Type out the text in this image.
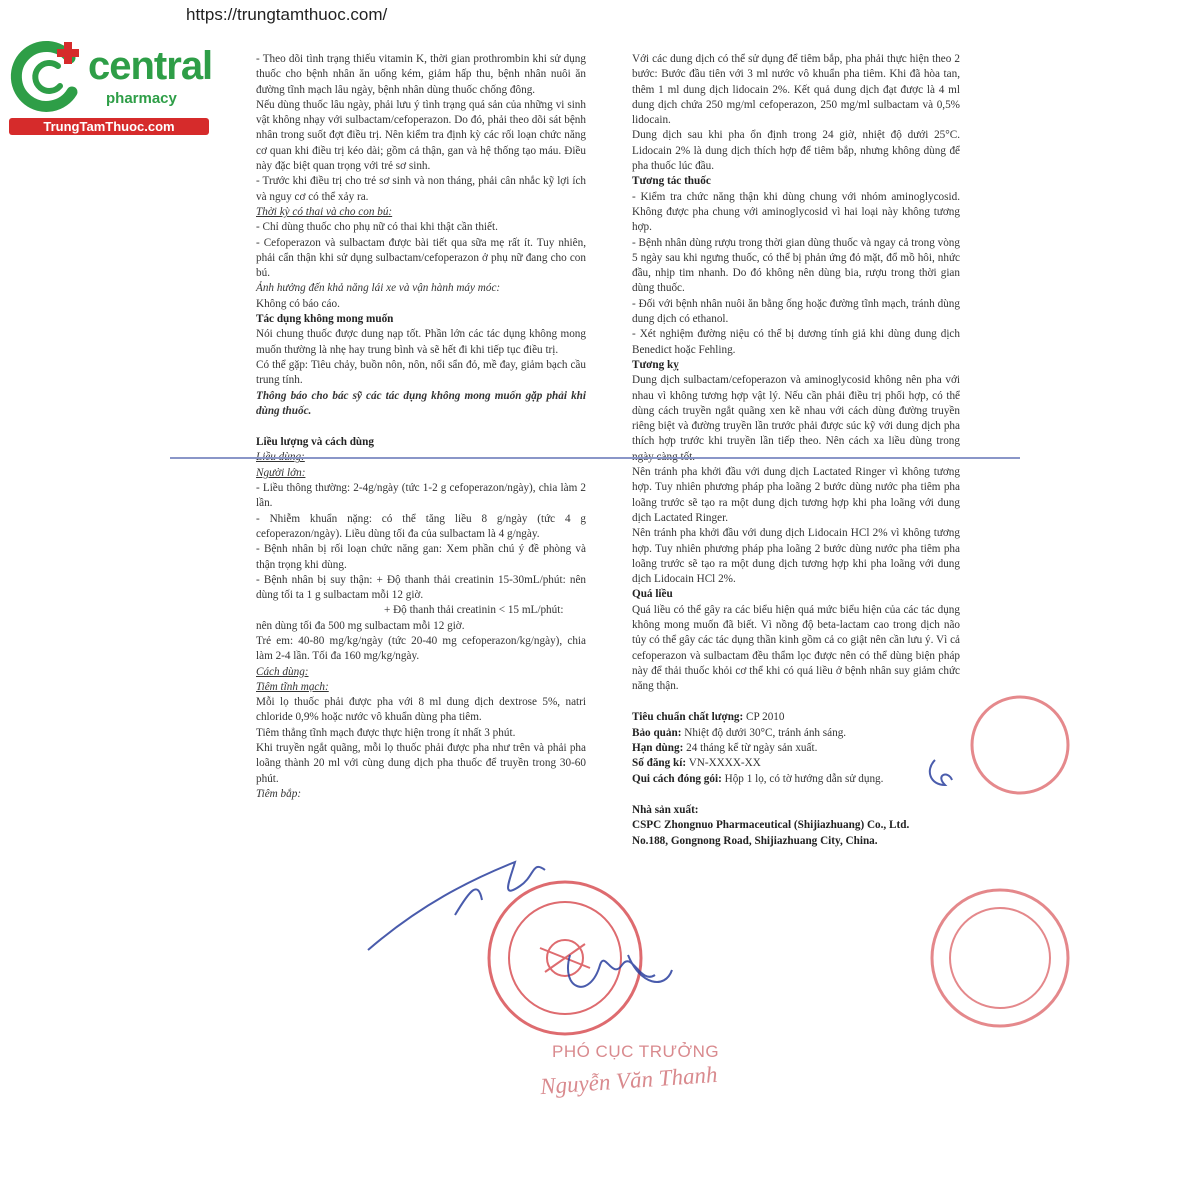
https://trungtamthuoc.com/
central
pharmacy
TrungTamThuoc.com

- Theo dõi tình trạng thiếu vitamin K, thời gian prothrombin khi sử dụng thuốc cho bệnh nhân ăn uống kém, giảm hấp thu, bệnh nhân nuôi ăn đường tĩnh mạch lâu ngày, bệnh nhân dùng thuốc chống đông.

Nếu dùng thuốc lâu ngày, phải lưu ý tình trạng quá sản của những vi sinh vật không nhạy với sulbactam/cefoperazon. Do đó, phải theo dõi sát bệnh nhân trong suốt đợt điều trị. Nên kiểm tra định kỳ các rối loạn chức năng cơ quan khi điều trị kéo dài; gồm cả thận, gan và hệ thống tạo máu. Điều này đặc biệt quan trọng với trẻ sơ sinh.

- Trước khi điều trị cho trẻ sơ sinh và non tháng, phải cân nhắc kỹ lợi ích và nguy cơ có thể xảy ra.

Thời kỳ có thai và cho con bú:

- Chỉ dùng thuốc cho phụ nữ có thai khi thật cần thiết.

- Cefoperazon và sulbactam được bài tiết qua sữa mẹ rất ít. Tuy nhiên, phải cẩn thận khi sử dụng sulbactam/cefoperazon ở phụ nữ đang cho con bú.

Ảnh hưởng đến khả năng lái xe và vận hành máy móc:

Không có báo cáo.

Tác dụng không mong muốn

Nói chung thuốc được dung nạp tốt. Phần lớn các tác dụng không mong muốn thường là nhẹ hay trung bình và sẽ hết đi khi tiếp tục điều trị.

Có thể gặp: Tiêu chảy, buồn nôn, nôn, nổi sẩn đỏ, mề đay, giảm bạch cầu trung tính.

Thông báo cho bác sỹ các tác dụng không mong muốn gặp phải khi dùng thuốc.

Liều lượng và cách dùng

Liều dùng:

Người lớn:

- Liều thông thường: 2-4g/ngày (tức 1-2 g cefoperazon/ngày), chia làm 2 lần.

- Nhiễm khuẩn nặng: có thể tăng liều 8 g/ngày (tức 4 g cefoperazon/ngày). Liều dùng tối đa của sulbactam là 4 g/ngày.

- Bệnh nhân bị rối loạn chức năng gan: Xem phần chú ý đề phòng và thận trọng khi dùng.

- Bệnh nhân bị suy thận: + Độ thanh thải creatinin 15-30mL/phút: nên dùng tối ta 1 g sulbactam mỗi 12 giờ.

+ Độ thanh thải creatinin < 15 mL/phút:

nên dùng tối đa 500 mg sulbactam mỗi 12 giờ.

Trẻ em: 40-80 mg/kg/ngày (tức 20-40 mg cefoperazon/kg/ngày), chia làm 2-4 lần. Tối đa 160 mg/kg/ngày.

Cách dùng:

Tiêm tĩnh mạch:

Mỗi lọ thuốc phải được pha với 8 ml dung dịch dextrose 5%, natri chloride 0,9% hoặc nước vô khuẩn dùng pha tiêm.

Tiêm thẳng tĩnh mạch được thực hiện trong ít nhất 3 phút.

Khi truyền ngắt quãng, mỗi lọ thuốc phải được pha như trên và phải pha loãng thành 20 ml với cùng dung dịch pha thuốc để truyền trong 30-60 phút.

Tiêm bắp:

Với các dung dịch có thể sử dụng để tiêm bắp, pha phải thực hiện theo 2 bước: Bước đầu tiên với 3 ml nước vô khuẩn pha tiêm. Khi đã hòa tan, thêm 1 ml dung dịch lidocain 2%. Kết quả dung dịch đạt được là 4 ml dung dịch chứa 250 mg/ml cefoperazon, 250 mg/ml sulbactam và 0,5% lidocain.

Dung dịch sau khi pha ổn định trong 24 giờ, nhiệt độ dưới 25°C. Lidocain 2% là dung dịch thích hợp để tiêm bắp, nhưng không dùng để pha thuốc lúc đầu.

Tương tác thuốc

- Kiểm tra chức năng thận khi dùng chung với nhóm aminoglycosid. Không được pha chung với aminoglycosid vì hai loại này không tương hợp.

- Bệnh nhân dùng rượu trong thời gian dùng thuốc và ngay cả trong vòng 5 ngày sau khi ngưng thuốc, có thể bị phản ứng đỏ mặt, đổ mồ hôi, nhức đầu, nhịp tim nhanh. Do đó không nên dùng bia, rượu trong thời gian dùng thuốc.

- Đối với bệnh nhân nuôi ăn bằng ống hoặc đường tĩnh mạch, tránh dùng dung dịch có ethanol.

- Xét nghiệm đường niệu có thể bị dương tính giả khi dùng dung dịch Benedict hoặc Fehling.

Tương kỵ

Dung dịch sulbactam/cefoperazon và aminoglycosid không nên pha với nhau vì không tương hợp vật lý. Nếu cần phải điều trị phối hợp, có thể dùng cách truyền ngắt quãng xen kẽ nhau với cách dùng đường truyền riêng biệt và đường truyền lần trước phải được súc kỹ với dung dịch pha thích hợp trước khi truyền lần tiếp theo. Nên cách xa liều dùng trong ngày càng tốt.

Nên tránh pha khởi đầu với dung dịch Lactated Ringer vì không tương hợp. Tuy nhiên phương pháp pha loãng 2 bước dùng nước pha tiêm pha loãng trước sẽ tạo ra một dung dịch tương hợp khi pha loãng với dung dịch Lactated Ringer.

Nên tránh pha khởi đầu với dung dịch Lidocain HCl 2% vì không tương hợp. Tuy nhiên phương pháp pha loãng 2 bước dùng nước pha tiêm pha loãng trước sẽ tạo ra một dung dịch tương hợp khi pha loãng với dung dịch Lidocain HCl 2%.

Quá liều

Quá liều có thể gây ra các biểu hiện quá mức biểu hiện của các tác dụng không mong muốn đã biết. Vì nồng độ beta-lactam cao trong dịch não tủy có thể gây các tác dụng thần kinh gồm cả co giật nên cần lưu ý. Vì cả cefoperazon và sulbactam đều thẩm lọc được nên có thể dùng biện pháp này để thải thuốc khỏi cơ thể khi có quá liều ở bệnh nhân suy giảm chức năng thận.

Tiêu chuẩn chất lượng: CP 2010

Bảo quản: Nhiệt độ dưới 30°C, tránh ánh sáng.

Hạn dùng: 24 tháng kể từ ngày sản xuất.

Số đăng kí: VN-XXXX-XX

Qui cách đóng gói: Hộp 1 lọ, có tờ hướng dẫn sử dụng.

Nhà sản xuất:

CSPC Zhongnuo Pharmaceutical (Shijiazhuang) Co., Ltd.

No.188, Gongnong Road, Shijiazhuang City, China.

PHÓ CỤC TRƯỞNG
Nguyễn Văn Thanh
